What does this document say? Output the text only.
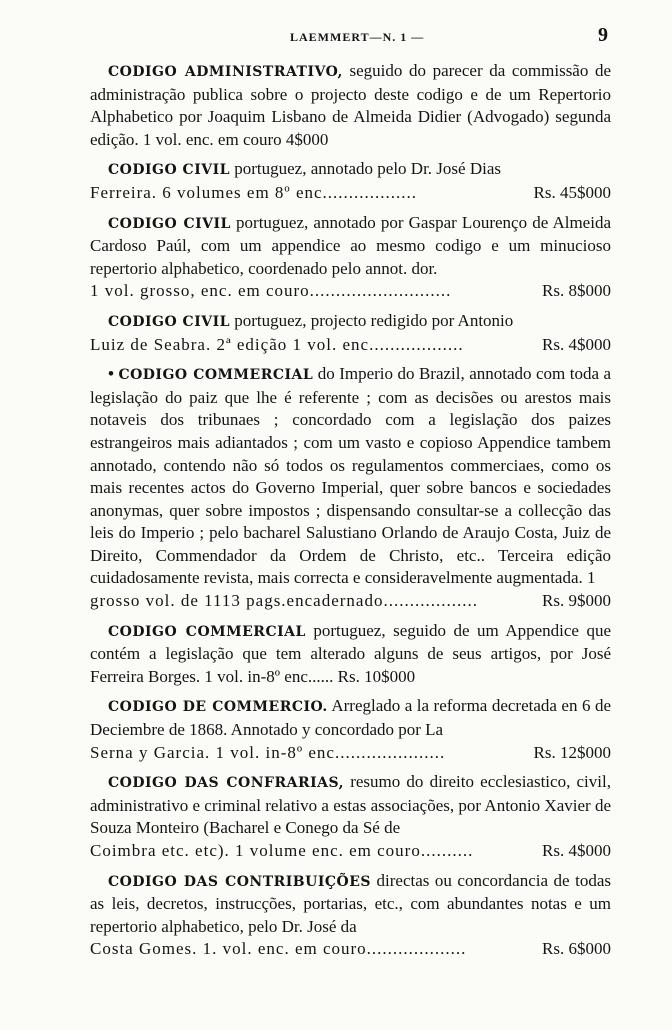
LAEMMERT—N. 1 —	9

CODIGO ADMINISTRATIVO, seguido do parecer da commissão de administração publica sobre o projecto deste codigo e de um Repertorio Alphabetico por Joaquim Lisbano de Almeida Didier (Advogado) segunda edição. 1 vol. enc. em couro 4$000

CODIGO CIVIL portuguez, annotado pelo Dr. José Dias

Ferreira. 6 volumes em 8º enc..................	Rs. 45$000

CODIGO CIVIL portuguez, annotado por Gaspar Lourenço de Almeida Cardoso Paúl, com um appendice ao mesmo codigo e um minucioso repertorio alphabetico, coordenado pelo annot. dor.

1 vol. grosso, enc. em couro...........................	Rs. 8$000

CODIGO CIVIL portuguez, projecto redigido por Antonio

Luiz de Seabra. 2ª edição 1 vol. enc..................	Rs. 4$000

• CODIGO COMMERCIAL do Imperio do Brazil, annotado com toda a legislação do paiz que lhe é referente ; com as decisões ou arestos mais notaveis dos tribunaes ; concordado com a legislação dos paizes estrangeiros mais adiantados ; com um vasto e copioso Appendice tambem annotado, contendo não só todos os regulamentos commerciaes, como os mais recentes actos do Governo Imperial, quer sobre bancos e sociedades anonymas, quer sobre impostos ; dispensando consultar-se a collecção das leis do Imperio ; pelo bacharel Salustiano Orlando de Araujo Costa, Juiz de Direito, Commendador da Ordem de Christo, etc.. Terceira edição cuidadosamente revista, mais correcta e consideravelmente augmentada. 1

grosso vol. de 1113 pags.encadernado..................	Rs. 9$000

CODIGO COMMERCIAL portuguez, seguido de um Appendice que contém a legislação que tem alterado alguns de seus artigos, por José Ferreira Borges. 1 vol. in-8º enc...... Rs. 10$000

CODIGO DE COMMERCIO. Arreglado a la reforma decretada en 6 de Deciembre de 1868. Annotado y concordado por La

Serna y Garcia. 1 vol. in-8º enc.....................	Rs. 12$000

CODIGO DAS CONFRARIAS, resumo do direito ecclesiastico, civil, administrativo e criminal relativo a estas associações, por Antonio Xavier de Souza Monteiro (Bacharel e Conego da Sé de

Coimbra etc. etc). 1 volume enc. em couro..........	Rs. 4$000

CODIGO DAS CONTRIBUIÇÕES directas ou concordancia de todas as leis, decretos, instrucções, portarias, etc., com abundantes notas e um repertorio alphabetico, pelo Dr. José da

Costa Gomes. 1. vol. enc. em couro...................	Rs. 6$000
